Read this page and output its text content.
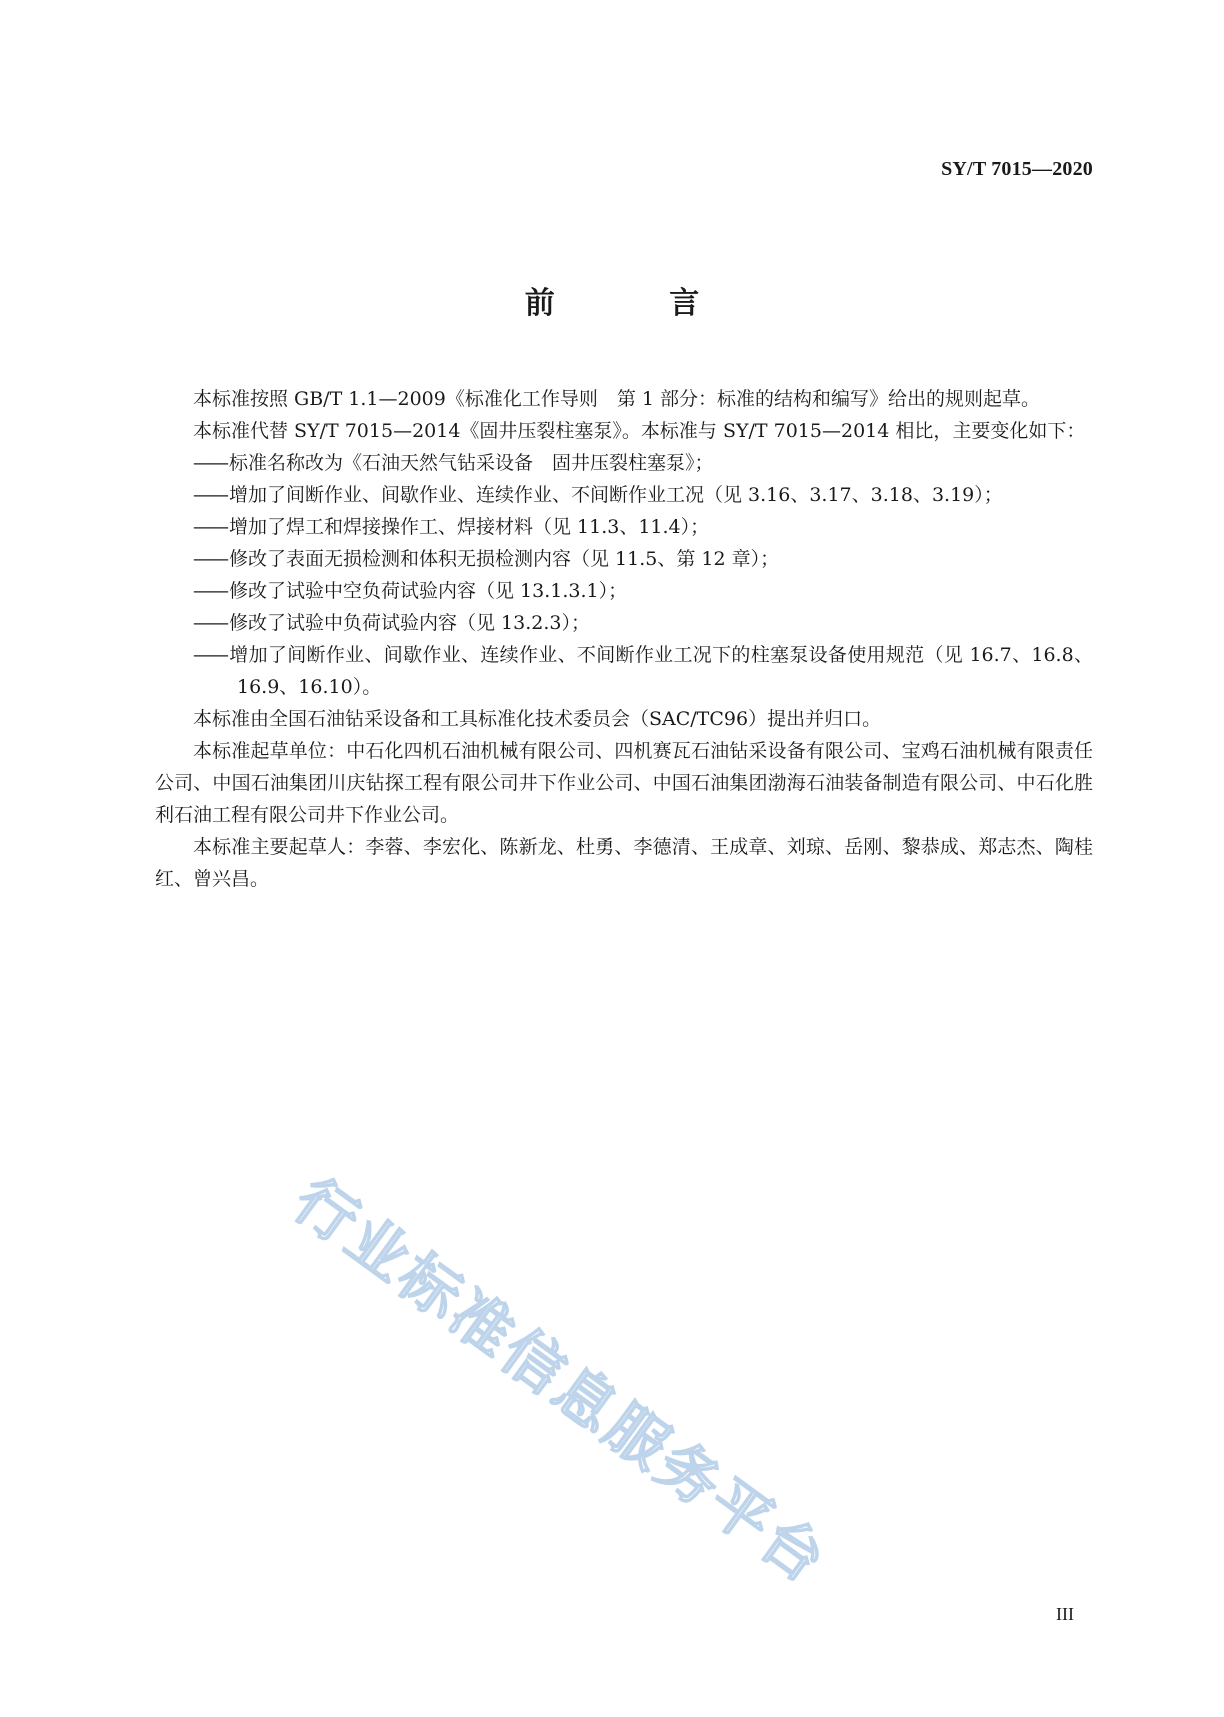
SY/T 7015—2020
前 言

本标准按照 GB/T 1.1—2009《标准化工作导则　第 1 部分：标准的结构和编写》给出的规则起草。

本标准代替 SY/T 7015—2014《固井压裂柱塞泵》。本标准与 SY/T 7015—2014 相比，主要变化如下：

—— 标准名称改为《石油天然气钻采设备　固井压裂柱塞泵》；

—— 增加了间断作业、间歇作业、连续作业、不间断作业工况（见 3.16、3.17、3.18、3.19）；

—— 增加了焊工和焊接操作工、焊接材料（见 11.3、11.4）；

—— 修改了表面无损检测和体积无损检测内容（见 11.5、第 12 章）；

—— 修改了试验中空负荷试验内容（见 13.1.3.1）；

—— 修改了试验中负荷试验内容（见 13.2.3）；

—— 增加了间断作业、间歇作业、连续作业、不间断作业工况下的柱塞泵设备使用规范（见 16.7、16.8、16.9、16.10）。

本标准由全国石油钻采设备和工具标准化技术委员会（SAC/TC96）提出并归口。

本标准起草单位：中石化四机石油机械有限公司、四机赛瓦石油钻采设备有限公司、宝鸡石油机械有限责任公司、中国石油集团川庆钻探工程有限公司井下作业公司、中国石油集团渤海石油装备制造有限公司、中石化胜利石油工程有限公司井下作业公司。

本标准主要起草人：李蓉、李宏化、陈新龙、杜勇、李德清、王成章、刘琼、岳刚、黎恭成、郑志杰、陶桂红、曾兴昌。

行业标准信息服务平台
III
